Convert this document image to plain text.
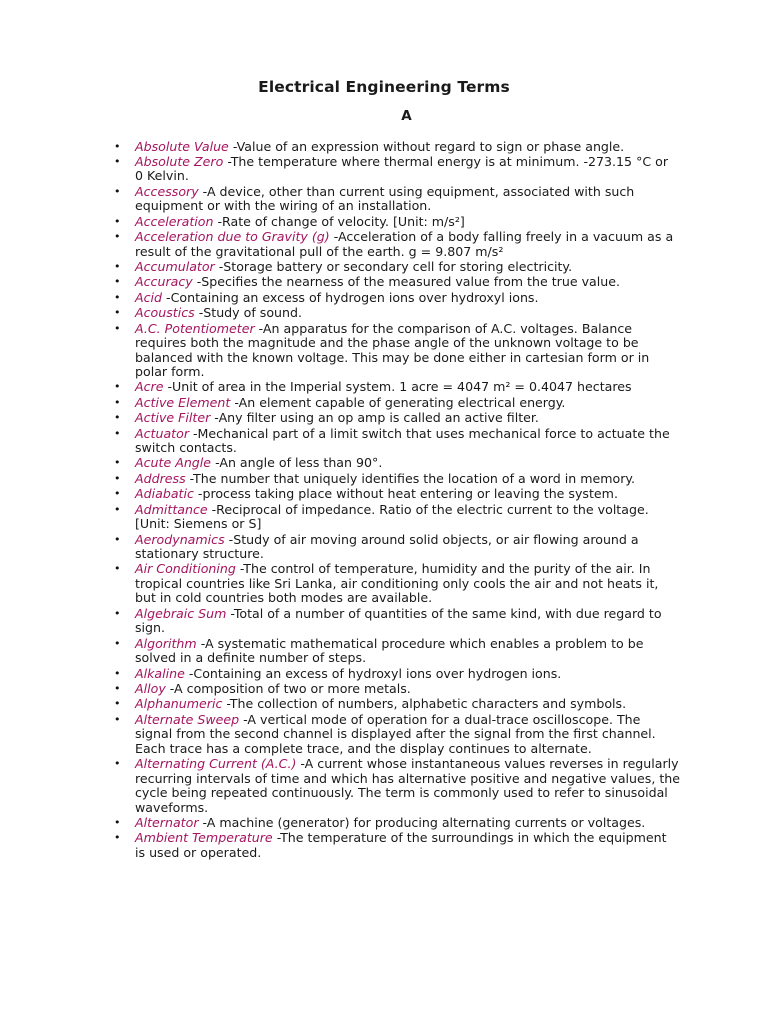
Electrical Engineering Terms
A
• Absolute Value -Value of an expression without regard to sign or phase angle.
• Absolute Zero -The temperature where thermal energy is at minimum. -273.15 °C or 0 Kelvin.
• Accessory -A device, other than current using equipment, associated with such equipment or with the wiring of an installation.
• Acceleration -Rate of change of velocity. [Unit: m/s²]
• Acceleration due to Gravity (g) -Acceleration of a body falling freely in a vacuum as a result of the gravitational pull of the earth. g = 9.807 m/s²
• Accumulator -Storage battery or secondary cell for storing electricity.
• Accuracy -Specifies the nearness of the measured value from the true value.
• Acid -Containing an excess of hydrogen ions over hydroxyl ions.
• Acoustics -Study of sound.
• A.C. Potentiometer -An apparatus for the comparison of A.C. voltages. Balance requires both the magnitude and the phase angle of the unknown voltage to be balanced with the known voltage. This may be done either in cartesian form or in polar form.
• Acre -Unit of area in the Imperial system. 1 acre = 4047 m² = 0.4047 hectares
• Active Element -An element capable of generating electrical energy.
• Active Filter -Any filter using an op amp is called an active filter.
• Actuator -Mechanical part of a limit switch that uses mechanical force to actuate the switch contacts.
• Acute Angle -An angle of less than 90°.
• Address -The number that uniquely identifies the location of a word in memory.
• Adiabatic -process taking place without heat entering or leaving the system.
• Admittance -Reciprocal of impedance. Ratio of the electric current to the voltage. [Unit: Siemens or S]
• Aerodynamics -Study of air moving around solid objects, or air flowing around a stationary structure.
• Air Conditioning -The control of temperature, humidity and the purity of the air. In tropical countries like Sri Lanka, air conditioning only cools the air and not heats it, but in cold countries both modes are available.
• Algebraic Sum -Total of a number of quantities of the same kind, with due regard to sign.
• Algorithm -A systematic mathematical procedure which enables a problem to be solved in a definite number of steps.
• Alkaline -Containing an excess of hydroxyl ions over hydrogen ions.
• Alloy -A composition of two or more metals.
• Alphanumeric -The collection of numbers, alphabetic characters and symbols.
• Alternate Sweep -A vertical mode of operation for a dual-trace oscilloscope. The signal from the second channel is displayed after the signal from the first channel. Each trace has a complete trace, and the display continues to alternate.
• Alternating Current (A.C.) -A current whose instantaneous values reverses in regularly recurring intervals of time and which has alternative positive and negative values, the cycle being repeated continuously. The term is commonly used to refer to sinusoidal waveforms.
• Alternator -A machine (generator) for producing alternating currents or voltages.
• Ambient Temperature -The temperature of the surroundings in which the equipment is used or operated.
